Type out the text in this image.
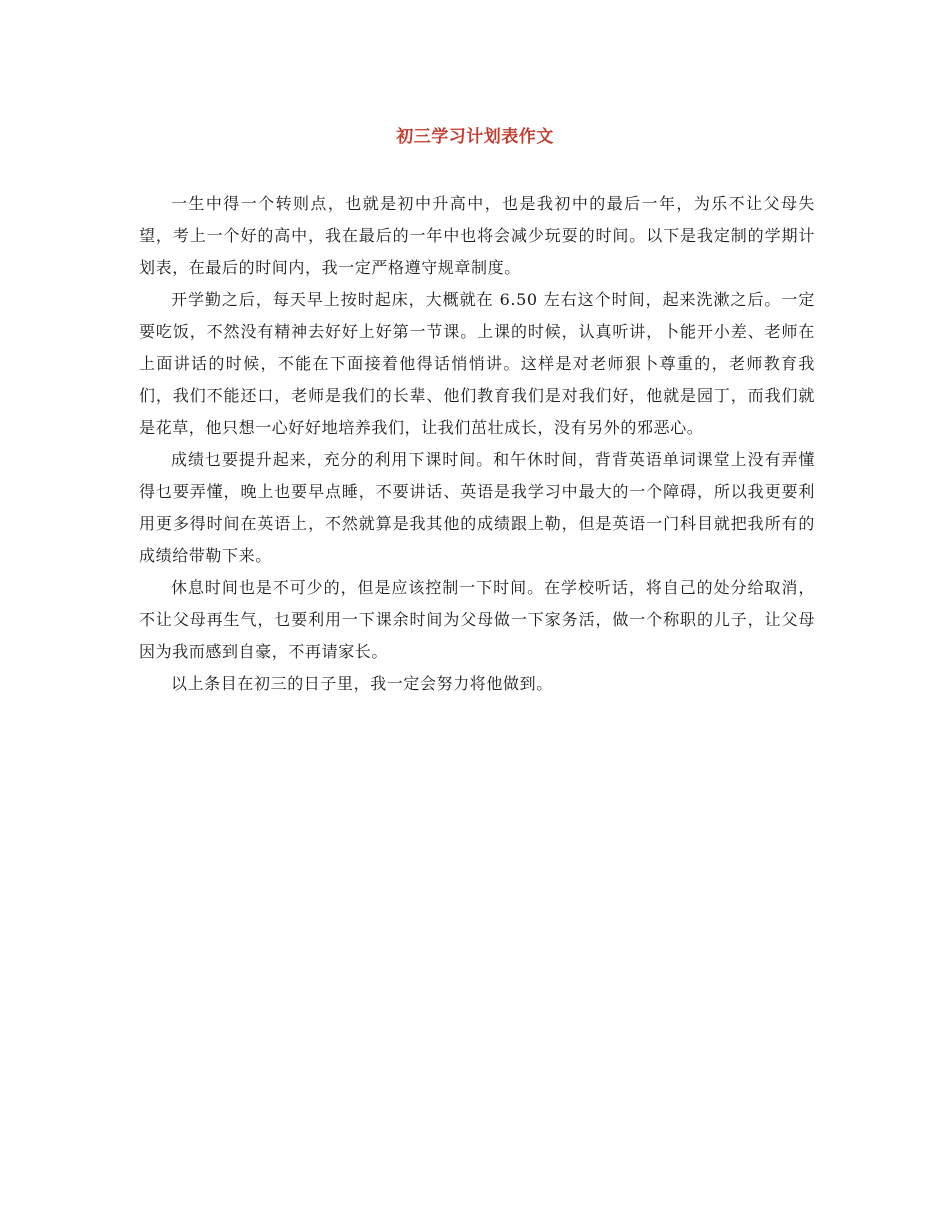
初三学习计划表作文

一生中得一个转则点，也就是初中升高中，也是我初中的最后一年，为乐不让父母失望，考上一个好的高中，我在最后的一年中也将会减少玩耍的时间。以下是我定制的学期计划表，在最后的时间内，我一定严格遵守规章制度。

开学勤之后，每天早上按时起床，大概就在 6.50 左右这个时间，起来洗漱之后。一定要吃饭，不然没有精神去好好上好第一节课。上课的时候，认真听讲，卜能开小差、老师在上面讲话的时候，不能在下面接着他得话悄悄讲。这样是对老师狠卜尊重的，老师教育我们，我们不能还口，老师是我们的长辈、他们教育我们是对我们好，他就是园丁，而我们就是花草，他只想一心好好地培养我们，让我们茁壮成长，没有另外的邪恶心。

成绩乜要提升起来，充分的利用下课时间。和午休时间，背背英语单词课堂上没有弄懂得乜要弄懂，晚上也要早点睡，不要讲话、英语是我学习中最大的一个障碍，所以我更要利用更多得时间在英语上，不然就算是我其他的成绩跟上勒，但是英语一门科目就把我所有的成绩给带勒下来。

休息时间也是不可少的，但是应该控制一下时间。在学校听话，将自己的处分给取消，不让父母再生气，乜要利用一下课余时间为父母做一下家务活，做一个称职的儿子，让父母因为我而感到自豪，不再请家长。

以上条目在初三的日子里，我一定会努力将他做到。
